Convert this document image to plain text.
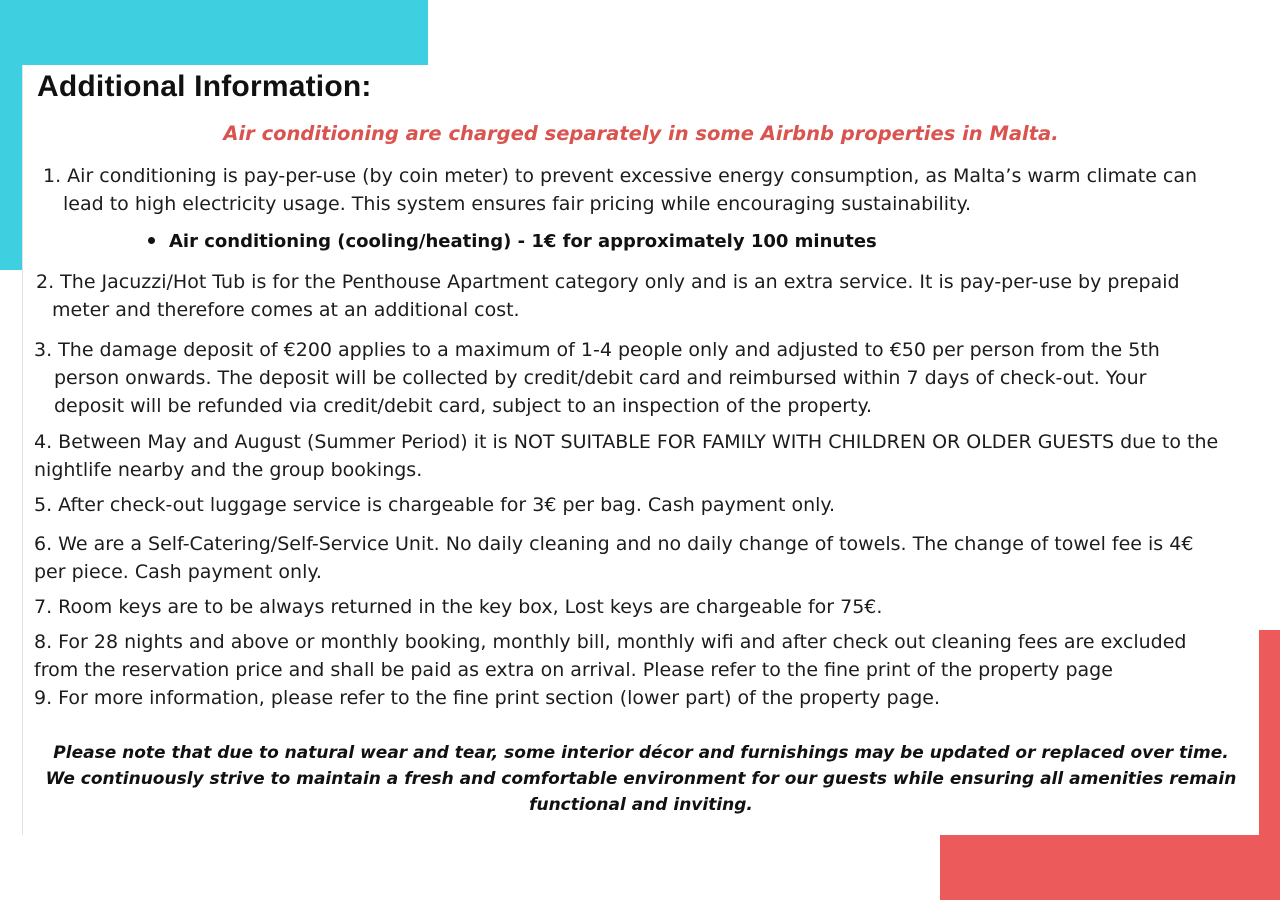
Additional Information:
Air conditioning are charged separately in some Airbnb properties in Malta.

1. Air conditioning is pay-per-use (by coin meter) to prevent excessive energy consumption, as Malta’s warm climate can lead to high electricity usage. This system ensures fair pricing while encouraging sustainability.

Air conditioning (cooling/heating) - 1€ for approximately 100 minutes

2. The Jacuzzi/Hot Tub is for the Penthouse Apartment category only and is an extra service. It is pay-per-use by prepaid meter and therefore comes at an additional cost.

3. The damage deposit of €200 applies to a maximum of 1-4 people only and adjusted to €50 per person from the 5th person onwards. The deposit will be collected by credit/debit card and reimbursed within 7 days of check-out. Your deposit will be refunded via credit/debit card, subject to an inspection of the property.

4. Between May and August (Summer Period) it is NOT SUITABLE FOR FAMILY WITH CHILDREN OR OLDER GUESTS due to the nightlife nearby and the group bookings.

5. After check-out luggage service is chargeable for 3€ per bag. Cash payment only.

6. We are a Self-Catering/Self-Service Unit. No daily cleaning and no daily change of towels. The change of towel fee is 4€ per piece. Cash payment only.

7. Room keys are to be always returned in the key box, Lost keys are chargeable for 75€.

8. For 28 nights and above or monthly booking, monthly bill, monthly wifi and after check out cleaning fees are excluded from the reservation price and shall be paid as extra on arrival. Please refer to the fine print of the property page

9. For more information, please refer to the fine print section (lower part) of the property page.

Please note that due to natural wear and tear, some interior décor and furnishings may be updated or replaced over time. We continuously strive to maintain a fresh and comfortable environment for our guests while ensuring all amenities remain functional and inviting.
